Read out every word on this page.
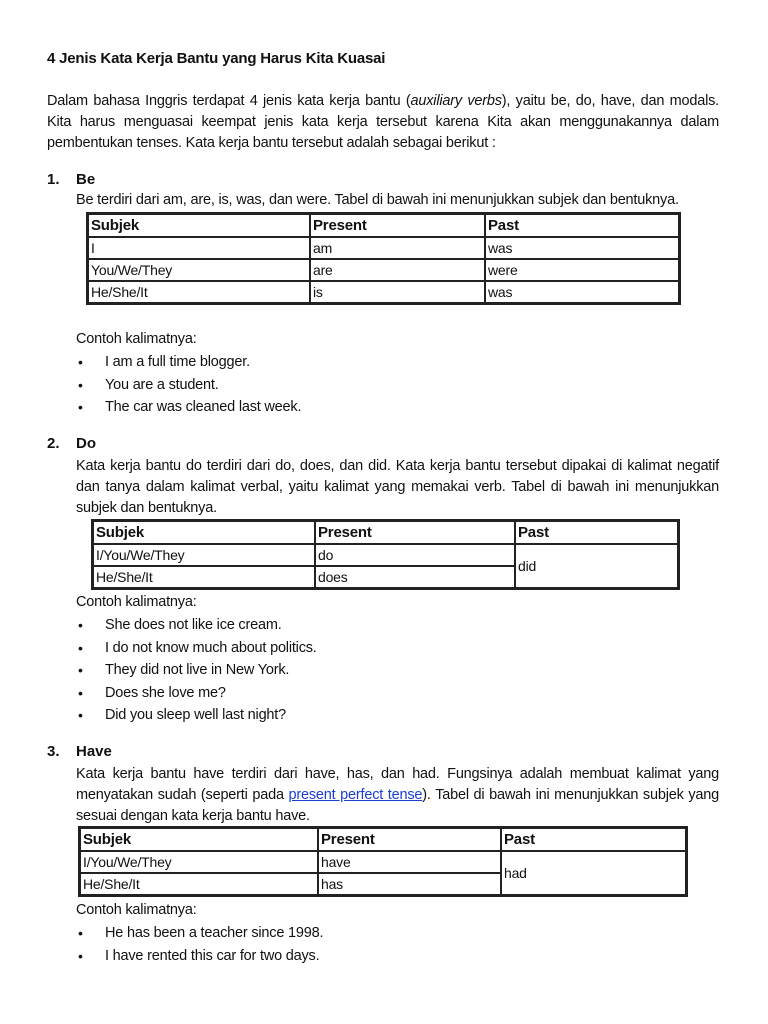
4 Jenis Kata Kerja Bantu yang Harus Kita Kuasai
Dalam bahasa Inggris terdapat 4 jenis kata kerja bantu (auxiliary verbs), yaitu be, do, have, dan modals. Kita harus menguasai keempat jenis kata kerja tersebut karena Kita akan menggunakannya dalam pembentukan tenses. Kata kerja bantu tersebut adalah sebagai berikut :
1. Be
Be terdiri dari am, are, is, was, dan were. Tabel di bawah ini menunjukkan subjek dan bentuknya.
Subjek	Present	Past
I	am	was
You/We/They	are	were
He/She/It	is	was
Contoh kalimatnya:
• I am a full time blogger.
• You are a student.
• The car was cleaned last week.
2. Do
Kata kerja bantu do terdiri dari do, does, dan did. Kata kerja bantu tersebut dipakai di kalimat negatif dan tanya dalam kalimat verbal, yaitu kalimat yang memakai verb. Tabel di bawah ini menunjukkan subjek dan bentuknya.
Subjek	Present	Past
I/You/We/They	do	did
He/She/It	does	
Contoh kalimatnya:
• She does not like ice cream.
• I do not know much about politics.
• They did not live in New York.
• Does she love me?
• Did you sleep well last night?
3. Have
Kata kerja bantu have terdiri dari have, has, dan had. Fungsinya adalah membuat kalimat yang menyatakan sudah (seperti pada present perfect tense). Tabel di bawah ini menunjukkan subjek yang sesuai dengan kata kerja bantu have.
Subjek	Present	Past
I/You/We/They	have	had
He/She/It	has	
Contoh kalimatnya:
• He has been a teacher since 1998.
• I have rented this car for two days.
